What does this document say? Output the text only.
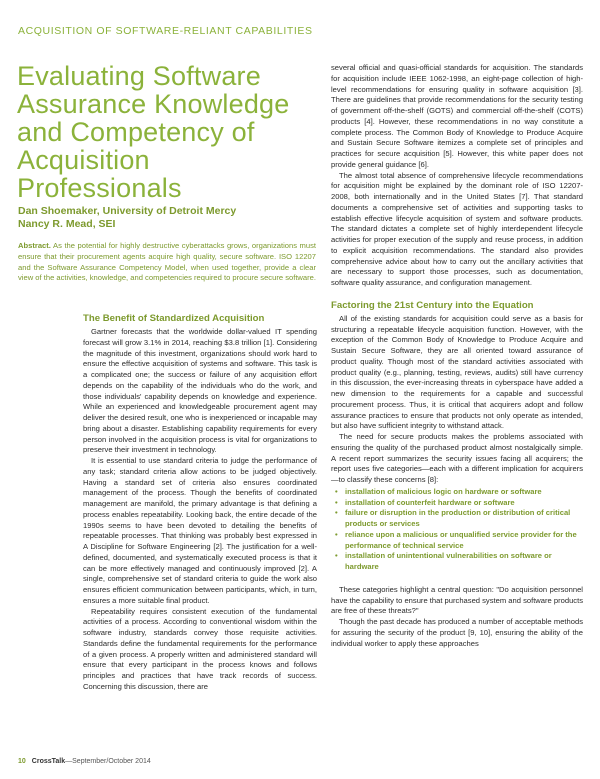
ACQUISITION OF SOFTWARE-RELIANT CAPABILITIES
Evaluating Software Assurance Knowledge and Competency of Acquisition Professionals
Dan Shoemaker, University of Detroit Mercy
Nancy R. Mead, SEI

Abstract. As the potential for highly destructive cyberattacks grows, organizations must ensure that their procurement agents acquire high quality, secure software. ISO 12207 and the Software Assurance Competency Model, when used together, provide a clear view of the activities, knowledge, and competencies required to procure secure software.

The Benefit of Standardized Acquisition

Gartner forecasts that the worldwide dollar-valued IT spending forecast will grow 3.1% in 2014, reaching $3.8 trillion [1]. Considering the magnitude of this investment, organizations should work hard to ensure the effective acquisition of systems and software. This task is a complicated one; the success or failure of any acquisition effort depends on the capability of the individuals who do the work, and those individuals' capability depends on knowledge and experience. While an experienced and knowledgeable procurement agent may deliver the desired result, one who is inexperienced or incapable may bring about a disaster. Establishing capability requirements for every person involved in the acquisition process is vital for organizations to preserve their investment in technology.

It is essential to use standard criteria to judge the performance of any task; standard criteria allow actions to be judged objectively. Having a standard set of criteria also ensures coordinated management of the process. Though the benefits of coordinated management are manifold, the primary advantage is that defining a process enables repeatability. Looking back, the entire decade of the 1990s seems to have been devoted to detailing the benefits of repeatable processes. That thinking was probably best expressed in A Discipline for Software Engineering [2]. The justification for a well-defined, documented, and systematically executed process is that it can be more effectively managed and continuously improved [2]. A single, comprehensive set of standard criteria to guide the work also ensures efficient communication between participants, which, in turn, ensures a more suitable final product.

Repeatability requires consistent execution of the fundamental activities of a process. According to conventional wisdom within the software industry, standards convey those requisite activities. Standards define the fundamental requirements for the performance of a given process. A properly written and administered standard will ensure that every participant in the process knows and follows principles and practices that have track records of success. Concerning this discussion, there are

several official and quasi-official standards for acquisition. The standards for acquisition include IEEE 1062-1998, an eight-page collection of high-level recommendations for ensuring quality in software acquisition [3]. There are guidelines that provide recommendations for the security testing of government off-the-shelf (GOTS) and commercial off-the-shelf (COTS) products [4]. However, these recommendations in no way constitute a complete process. The Common Body of Knowledge to Produce Acquire and Sustain Secure Software itemizes a complete set of principles and practices for secure acquisition [5]. However, this white paper does not provide general guidance [6].

The almost total absence of comprehensive lifecycle recommendations for acquisition might be explained by the dominant role of ISO 12207-2008, both internationally and in the United States [7]. That standard documents a comprehensive set of activities and supporting tasks to establish effective lifecycle acquisition of system and software products. The standard dictates a complete set of highly interdependent lifecycle activities for proper execution of the supply and reuse process, in addition to explicit acquisition recommendations. The standard also provides comprehensive advice about how to carry out the ancillary activities that are necessary to support those processes, such as documentation, software quality assurance, and configuration management.

Factoring the 21st Century into the Equation

All of the existing standards for acquisition could serve as a basis for structuring a repeatable lifecycle acquisition function. However, with the exception of the Common Body of Knowledge to Produce Acquire and Sustain Secure Software, they are all oriented toward assurance of product quality. Though most of the standard activities associated with product quality (e.g., planning, testing, reviews, audits) still have currency in this discussion, the ever-increasing threats in cyberspace have added a new dimension to the requirements for a capable and successful procurement process. Thus, it is critical that acquirers adopt and follow assurance practices to ensure that products not only operate as intended, but also have sufficient integrity to withstand attack.

The need for secure products makes the problems associated with ensuring the quality of the purchased product almost nostalgically simple. A recent report summarizes the security issues facing all acquirers; the report uses five categories—each with a different implication for acquirers—to classify these concerns [8]:

• installation of malicious logic on hardware or software
• installation of counterfeit hardware or software
• failure or disruption in the production or distribution of critical products or services
• reliance upon a malicious or unqualified service provider for the performance of technical service
• installation of unintentional vulnerabilities on software or hardware

These categories highlight a central question: "Do acquisition personnel have the capability to ensure that purchased system and software products are free of these threats?"

Though the past decade has produced a number of acceptable methods for assuring the security of the product [9, 10], ensuring the ability of the individual worker to apply these approaches

10 CrossTalk—September/October 2014
